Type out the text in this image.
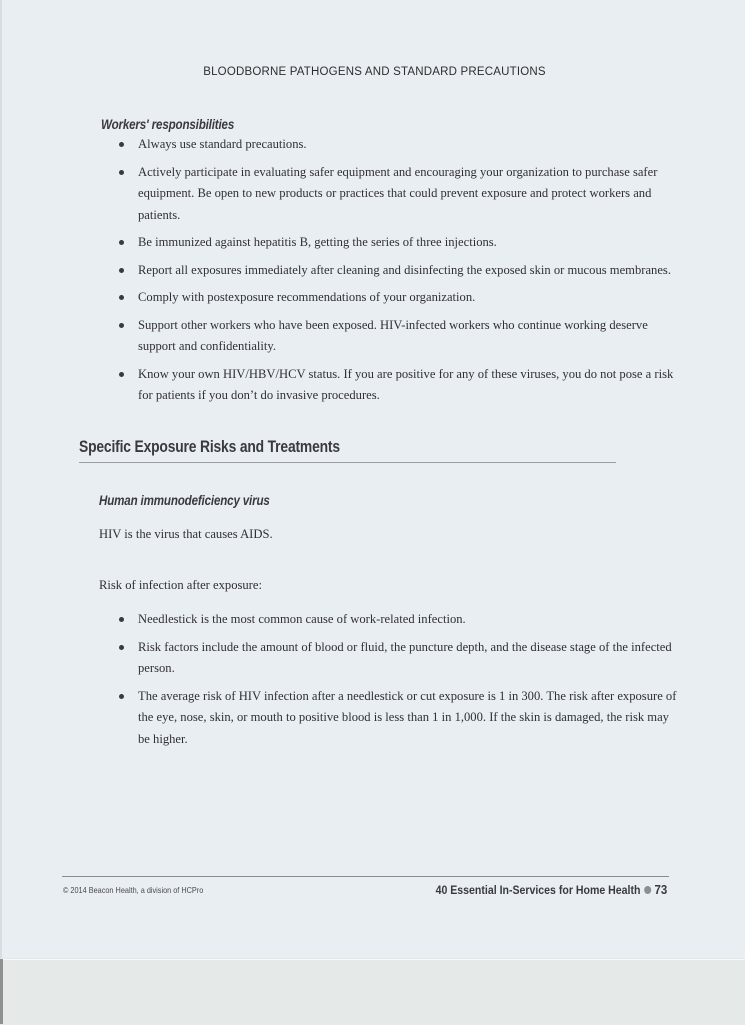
BLOODBORNE PATHOGENS AND STANDARD PRECAUTIONS
Workers' responsibilities
Always use standard precautions.
Actively participate in evaluating safer equipment and encouraging your organization to purchase safer equipment. Be open to new products or practices that could prevent exposure and protect workers and patients.
Be immunized against hepatitis B, getting the series of three injections.
Report all exposures immediately after cleaning and disinfecting the exposed skin or mucous membranes.
Comply with postexposure recommendations of your organization.
Support other workers who have been exposed. HIV-infected workers who continue working deserve support and confidentiality.
Know your own HIV/HBV/HCV status. If you are positive for any of these viruses, you do not pose a risk for patients if you don’t do invasive procedures.
Specific Exposure Risks and Treatments
Human immunodeficiency virus
HIV is the virus that causes AIDS.
Risk of infection after exposure:
Needlestick is the most common cause of work-related infection.
Risk factors include the amount of blood or fluid, the puncture depth, and the disease stage of the infected person.
The average risk of HIV infection after a needlestick or cut exposure is 1 in 300. The risk after exposure of the eye, nose, skin, or mouth to positive blood is less than 1 in 1,000. If the skin is damaged, the risk may be higher.
© 2014 Beacon Health, a division of HCPro	40 Essential In-Services for Home Health 73
